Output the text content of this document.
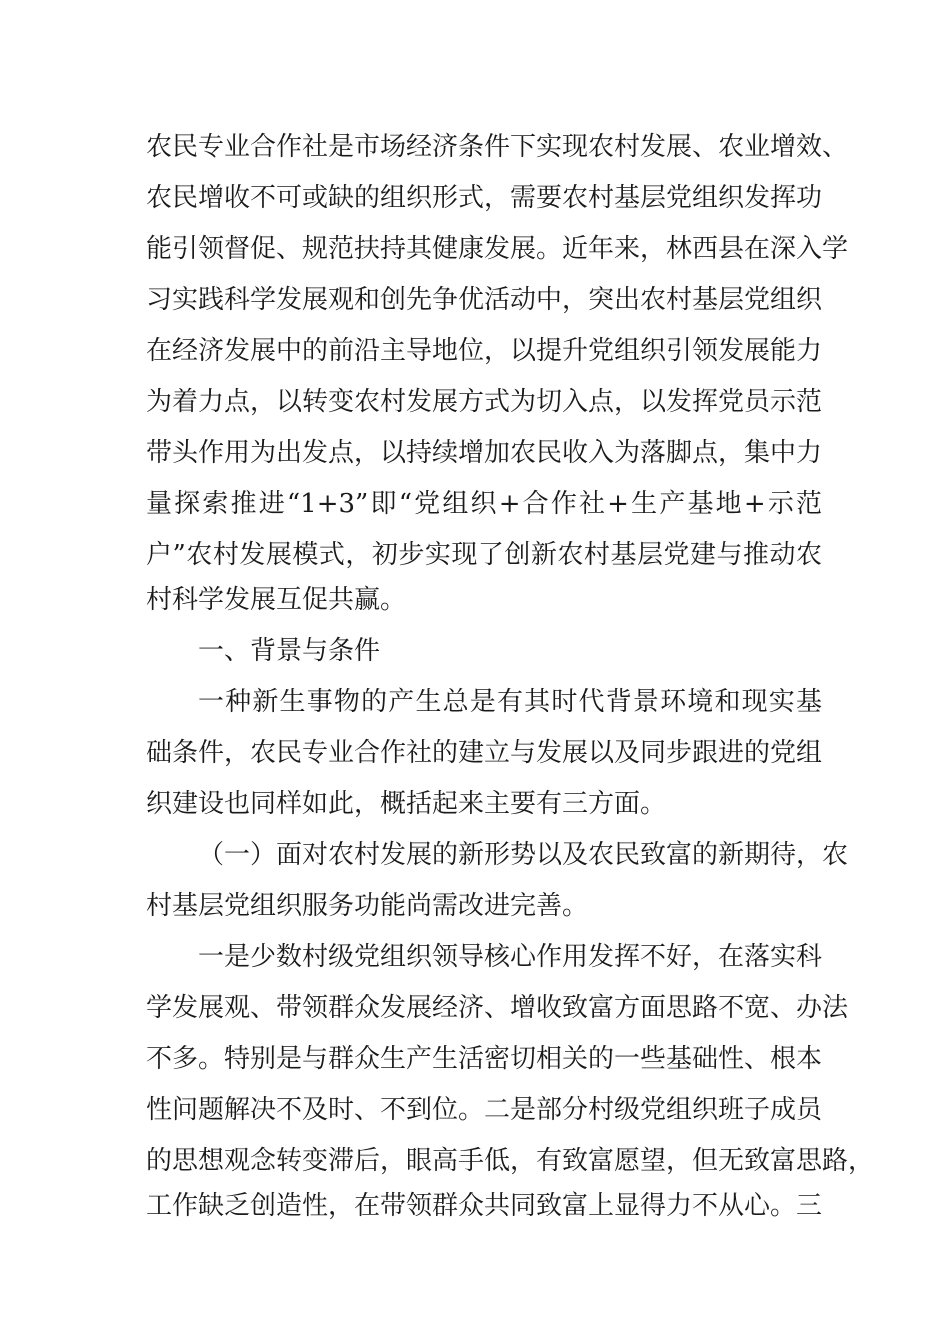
农民专业合作社是市场经济条件下实现农村发展、农业增效、
农民增收不可或缺的组织形式，需要农村基层党组织发挥功
能引领督促、规范扶持其健康发展。近年来，林西县在深入学
习实践科学发展观和创先争优活动中，突出农村基层党组织
在经济发展中的前沿主导地位，以提升党组织引领发展能力
为着力点，以转变农村发展方式为切入点，以发挥党员示范
带头作用为出发点，以持续增加农民收入为落脚点，集中力
量探索推进“1+3”即“党组织+合作社+生产基地+示范
户”农村发展模式，初步实现了创新农村基层党建与推动农
村科学发展互促共赢。
一、背景与条件
一种新生事物的产生总是有其时代背景环境和现实基
础条件，农民专业合作社的建立与发展以及同步跟进的党组
织建设也同样如此，概括起来主要有三方面。
（一）面对农村发展的新形势以及农民致富的新期待，农
村基层党组织服务功能尚需改进完善。
一是少数村级党组织领导核心作用发挥不好，在落实科
学发展观、带领群众发展经济、增收致富方面思路不宽、办法
不多。特别是与群众生产生活密切相关的一些基础性、根本
性问题解决不及时、不到位。二是部分村级党组织班子成员
的思想观念转变滞后，眼高手低，有致富愿望，但无致富思路，
工作缺乏创造性，在带领群众共同致富上显得力不从心。三
